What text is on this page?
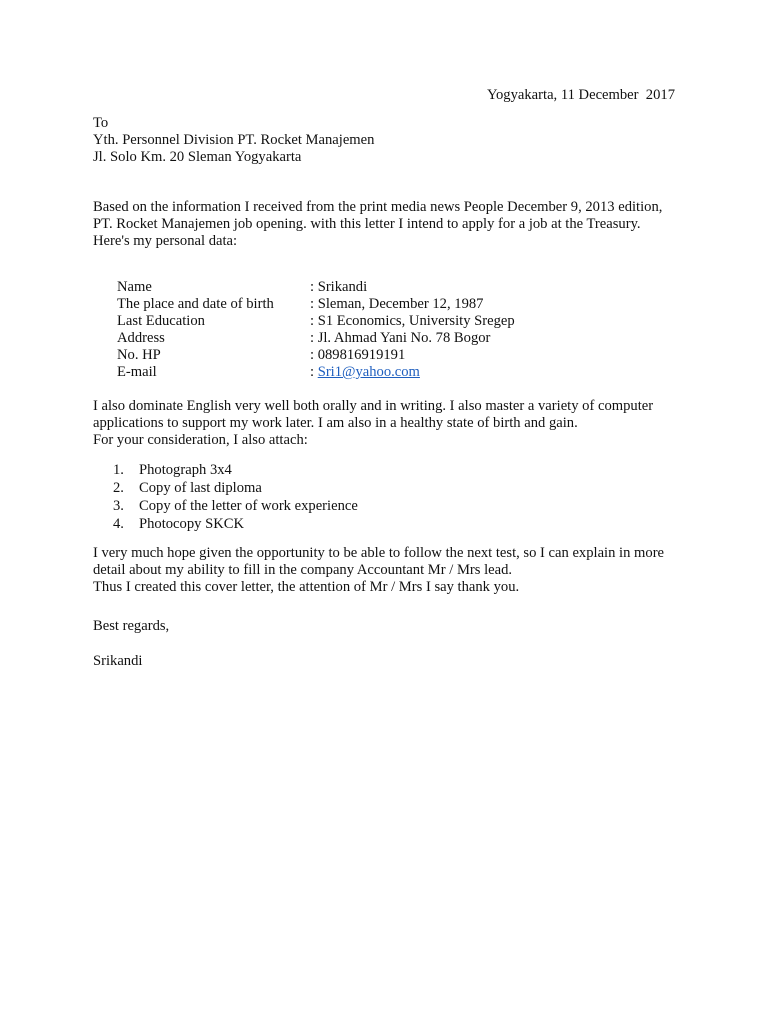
Yogyakarta, 11 December  2017
To
Yth. Personnel Division PT. Rocket Manajemen
Jl. Solo Km. 20 Sleman Yogyakarta

Based on the information I received from the print media news People December 9, 2013 edition, PT. Rocket Manajemen job opening. with this letter I intend to apply for a job at the Treasury.

Here's my personal data:

Name	: Srikandi
The place and date of birth	: Sleman, December 12, 1987
Last Education	: S1 Economics, University Sregep
Address	: Jl. Ahmad Yani No. 78 Bogor
No. HP	: 089816919191
E-mail	: Sri1@yahoo.com

I also dominate English very well both orally and in writing. I also master a variety of computer applications to support my work later. I am also in a healthy state of birth and gain.

For your consideration, I also attach:

1. Photograph 3x4
2. Copy of last diploma
3. Copy of the letter of work experience
4. Photocopy SKCK

I very much hope given the opportunity to be able to follow the next test, so I can explain in more detail about my ability to fill in the company Accountant Mr / Mrs lead.

Thus I created this cover letter, the attention of Mr / Mrs I say thank you.

Best regards,
Srikandi
